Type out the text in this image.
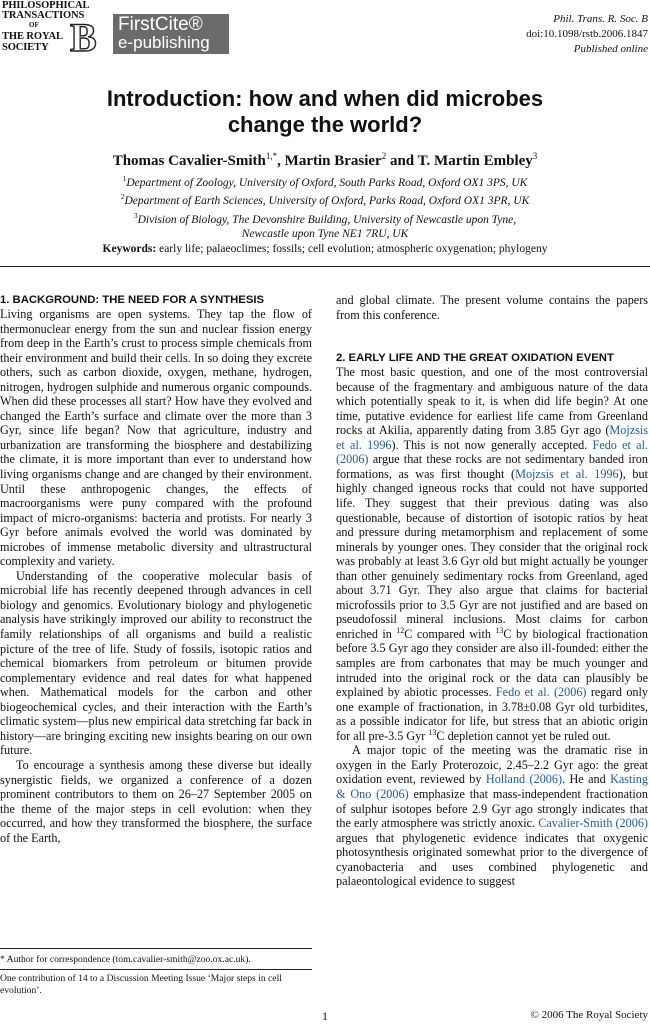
PHILOSOPHICAL
TRANSACTIONS
OF
THE ROYAL
SOCIETY B FirstCite®
e-publishing
Phil. Trans. R. Soc. B
doi:10.1098/rstb.2006.1847
Published online
Introduction: how and when did microbes
change the world?
Thomas Cavalier-Smith$^{1,*}$, Martin Brasier$^2$ and T. Martin Embley$^3$
$^1$Department of Zoology, University of Oxford, South Parks Road, Oxford OX1 3PS, UK
$^2$Department of Earth Sciences, University of Oxford, Parks Road, Oxford OX1 3PR, UK
$^3$Division of Biology, The Devonshire Building, University of Newcastle upon Tyne,
Newcastle upon Tyne NE1 7RU, UK
Keywords: early life; palaeoclimes; fossils; cell evolution; atmospheric oxygenation; phylogeny
1. BACKGROUND: THE NEED FOR A SYNTHESIS

Living organisms are open systems. They tap the flow of thermonuclear energy from the sun and nuclear fission energy from deep in the Earth’s crust to process simple chemicals from their environment and build their cells. In so doing they excrete others, such as carbon dioxide, oxygen, methane, hydrogen, nitrogen, hydrogen sulphide and numerous organic compounds. When did these processes all start? How have they evolved and changed the Earth’s surface and climate over the more than 3 Gyr, since life began? Now that agriculture, industry and urbanization are transforming the biosphere and destabilizing the climate, it is more important than ever to understand how living organisms change and are changed by their environment. Until these anthropogenic changes, the effects of macroorganisms were puny compared with the profound impact of micro-organisms: bacteria and protists. For nearly 3 Gyr before animals evolved the world was dominated by microbes of immense metabolic diversity and ultrastructural complexity and variety.

Understanding of the cooperative molecular basis of microbial life has recently deepened through advances in cell biology and genomics. Evolutionary biology and phylogenetic analysis have strikingly improved our ability to reconstruct the family relationships of all organisms and build a realistic picture of the tree of life. Study of fossils, isotopic ratios and chemical biomarkers from petroleum or bitumen provide complementary evidence and real dates for what happened when. Mathematical models for the carbon and other biogeochemical cycles, and their interaction with the Earth’s climatic system—plus new empirical data stretching far back in history—are bringing exciting new insights bearing on our own future.

To encourage a synthesis among these diverse but ideally synergistic fields, we organized a conference of a dozen prominent contributors to them on 26–27 September 2005 on the theme of the major steps in cell evolution: when they occurred, and how they transformed the biosphere, the surface of the Earth,

and global climate. The present volume contains the papers from this conference.

2. EARLY LIFE AND THE GREAT OXIDATION EVENT

The most basic question, and one of the most controversial because of the fragmentary and ambiguous nature of the data which potentially speak to it, is when did life begin? At one time, putative evidence for earliest life came from Greenland rocks at Akilia, apparently dating from 3.85 Gyr ago (Mojzsis et al. 1996). This is not now generally accepted. Fedo et al. (2006) argue that these rocks are not sedimentary banded iron formations, as was first thought (Mojzsis et al. 1996), but highly changed igneous rocks that could not have supported life. They suggest that their previous dating was also questionable, because of distortion of isotopic ratios by heat and pressure during metamorphism and replacement of some minerals by younger ones. They consider that the original rock was probably at least 3.6 Gyr old but might actually be younger than other genuinely sedimentary rocks from Greenland, aged about 3.71 Gyr. They also argue that claims for bacterial microfossils prior to 3.5 Gyr are not justified and are based on pseudofossil mineral inclusions. Most claims for carbon enriched in $^{12}$C compared with $^{13}$C by biological fractionation before 3.5 Gyr ago they consider are also ill-founded: either the samples are from carbonates that may be much younger and intruded into the original rock or the data can plausibly be explained by abiotic processes. Fedo et al. (2006) regard only one example of fractionation, in 3.78±0.08 Gyr old turbidites, as a possible indicator for life, but stress that an abiotic origin for all pre-3.5 Gyr $^{13}$C depletion cannot yet be ruled out.

A major topic of the meeting was the dramatic rise in oxygen in the Early Proterozoic, 2.45–2.2 Gyr ago: the great oxidation event, reviewed by Holland (2006). He and Kasting & Ono (2006) emphasize that mass-independent fractionation of sulphur isotopes before 2.9 Gyr ago strongly indicates that the early atmosphere was strictly anoxic. Cavalier-Smith (2006) argues that phylogenetic evidence indicates that oxygenic photosynthesis originated somewhat prior to the divergence of cyanobacteria and uses combined phylogenetic and palaeontological evidence to suggest

* Author for correspondence (tom.cavalier-smith@zoo.ox.ac.uk).
One contribution of 14 to a Discussion Meeting Issue ‘Major steps in cell evolution’.
1	© 2006 The Royal Society
